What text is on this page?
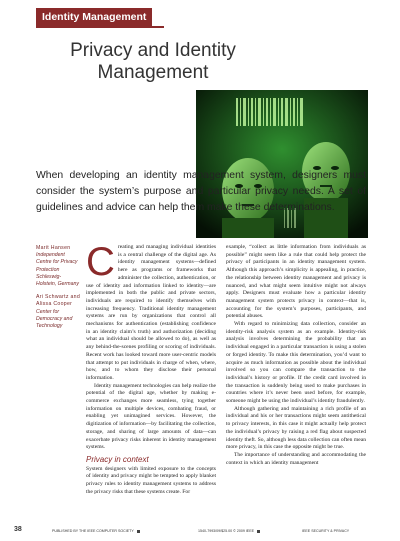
Identity Management
Privacy and Identity Management
When developing an identity management system, designers must consider the system’s purpose and particular privacy needs. A set of guidelines and advice can help them make these determinations.
Marit Hansen
Independent Centre for Privacy Protection Schleswig-Holstein, Germany
Ari Schwartz and Alissa Cooper
Center for Democracy and Technology

Creating and managing individual identities is a central challenge of the digital age. As identity management systems—defined here as programs or frameworks that administer the collection, authentication, or use of identity and information linked to identity—are implemented in both the public and private sectors, individuals are required to identify themselves with increasing frequency. Traditional identity management systems are run by organizations that control all mechanisms for authentication (establishing confidence in an identity claim’s truth) and authorization (deciding what an individual should be allowed to do), as well as any behind-the-scenes profiling or scoring of individuals. Recent work has looked toward more user-centric models that attempt to put individuals in charge of when, where, how, and to whom they disclose their personal information.

Identity management technologies can help realize the potential of the digital age, whether by making e-commerce exchanges more seamless, tying together information on multiple devices, combating fraud, or enabling yet unimagined services. However, the digitization of information—by facilitating the collection, storage, and sharing of large amounts of data—can exacerbate privacy risks inherent in identity management systems.

Privacy in context

System designers with limited exposure to the concepts of identity and privacy might be tempted to apply blanket privacy rules to identity management systems to address the privacy risks that these systems create. For

example, “collect as little information from individuals as possible” might seem like a rule that could help protect the privacy of participants in an identity management system. Although this approach’s simplicity is appealing, in practice, the relationship between identity management and privacy is nuanced, and what might seem intuitive might not always apply. Designers must evaluate how a particular identity management system protects privacy in context—that is, accounting for the system’s purposes, participants, and potential abuses.

With regard to minimizing data collection, consider an identity-risk analysis system as an example. Identity-risk analysis involves determining the probability that an individual engaged in a particular transaction is using a stolen or forged identity. To make this determination, you’d want to acquire as much information as possible about the individual involved so you can compare the transaction to the individual’s history or profile. If the credit card involved in the transaction is suddenly being used to make purchases in countries where it’s never been used before, for example, someone might be using the individual’s identity fraudulently.

Although gathering and maintaining a rich profile of an individual and his or her transactions might seem antithetical to privacy interests, in this case it might actually help protect the individual’s privacy by raising a red flag about suspected identity theft. So, although less data collection can often mean more privacy, in this case the opposite might be true.

The importance of understanding and accommodating the context in which an identity management

38	PUBLISHED BY THE IEEE COMPUTER SOCIETY	1540-7993/09/$25.00 © 2009 IEEE	IEEE SECURITY & PRIVACY
